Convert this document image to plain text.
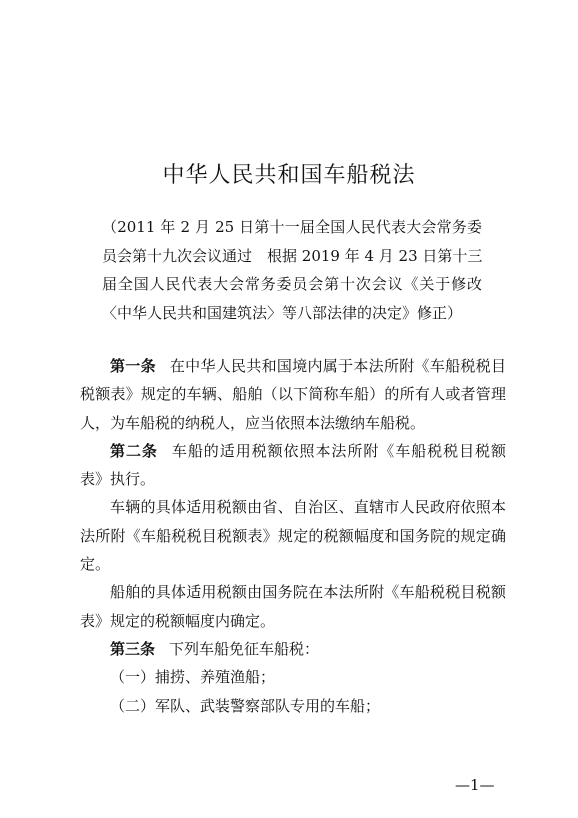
中华人民共和国车船税法
（2011 年 2 月 25 日第十一届全国人民代表大会常务委
员会第十九次会议通过　根据 2019 年 4 月 23 日第十三
届全国人民代表大会常务委员会第十次会议《关于修改
〈中华人民共和国建筑法〉等八部法律的决定》修正）
第一条 在中华人民共和国境内属于本法所附《车船税税目
税额表》规定的车辆、船舶（以下简称车船）的所有人或者管理
人，为车船税的纳税人，应当依照本法缴纳车船税。
第二条 车船的适用税额依照本法所附《车船税税目税额
表》执行。
车辆的具体适用税额由省、自治区、直辖市人民政府依照本
法所附《车船税税目税额表》规定的税额幅度和国务院的规定确
定。
船舶的具体适用税额由国务院在本法所附《车船税税目税额
表》规定的税额幅度内确定。
第三条 下列车船免征车船税：
（一）捕捞、养殖渔船；
（二）军队、武装警察部队专用的车船；
—1—
